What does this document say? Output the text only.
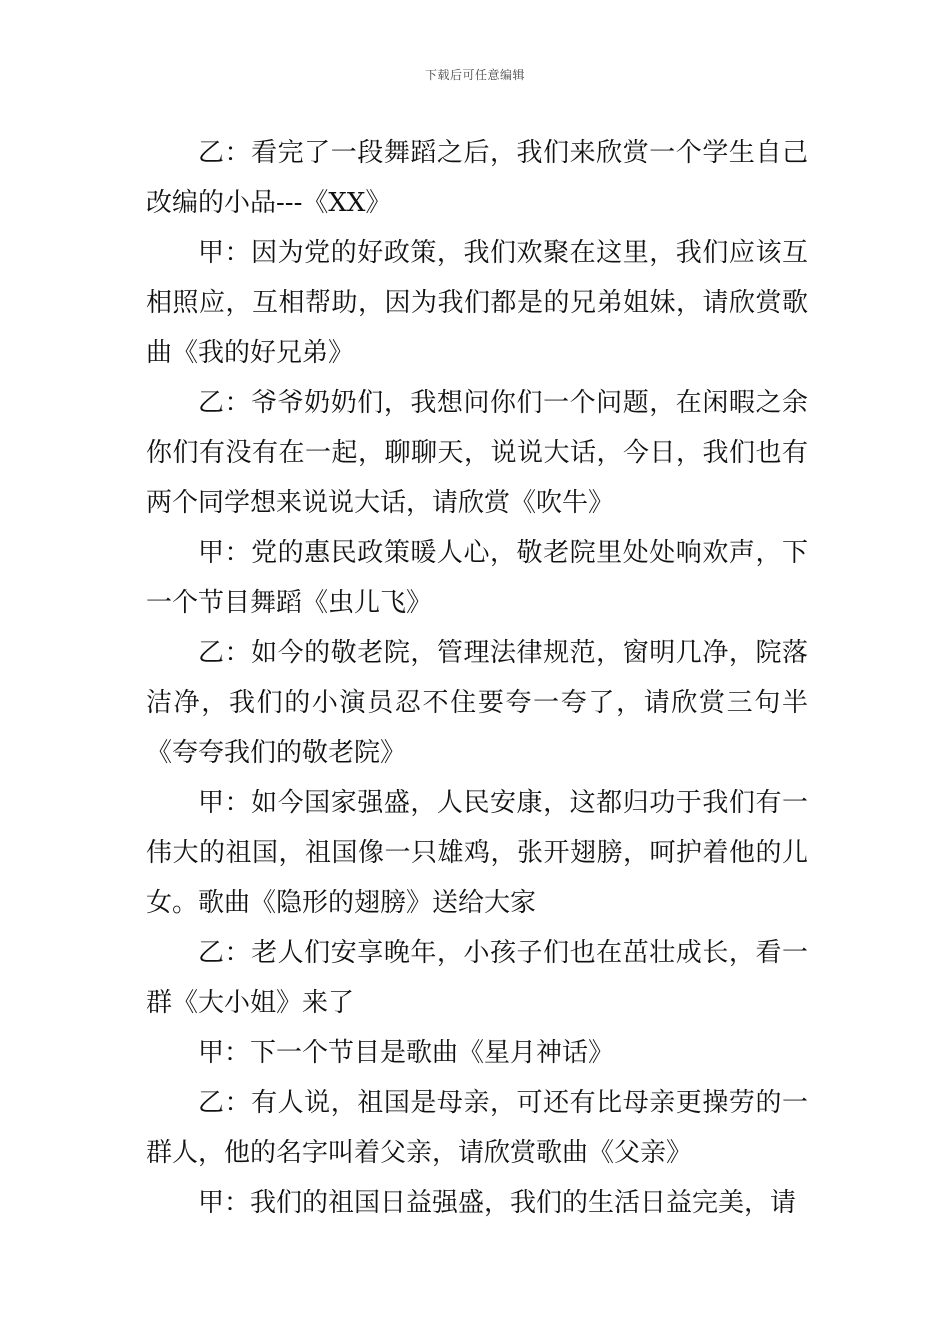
下载后可任意编辑

乙：看完了一段舞蹈之后，我们来欣赏一个学生自己改编的小品---《XX》

甲：因为党的好政策，我们欢聚在这里，我们应该互相照应，互相帮助，因为我们都是的兄弟姐妹，请欣赏歌曲《我的好兄弟》

乙：爷爷奶奶们，我想问你们一个问题，在闲暇之余你们有没有在一起，聊聊天，说说大话，今日，我们也有两个同学想来说说大话，请欣赏《吹牛》

甲：党的惠民政策暖人心，敬老院里处处响欢声，下一个节目舞蹈《虫儿飞》

乙：如今的敬老院，管理法律规范，窗明几净，院落洁净，我们的小演员忍不住要夸一夸了，请欣赏三句半《夸夸我们的敬老院》

甲：如今国家强盛，人民安康，这都归功于我们有一伟大的祖国，祖国像一只雄鸡，张开翅膀，呵护着他的儿女。歌曲《隐形的翅膀》送给大家

乙：老人们安享晚年，小孩子们也在茁壮成长，看一群《大小姐》来了

甲：下一个节目是歌曲《星月神话》

乙：有人说，祖国是母亲，可还有比母亲更操劳的一群人，他的名字叫着父亲，请欣赏歌曲《父亲》

甲：我们的祖国日益强盛，我们的生活日益完美，请
